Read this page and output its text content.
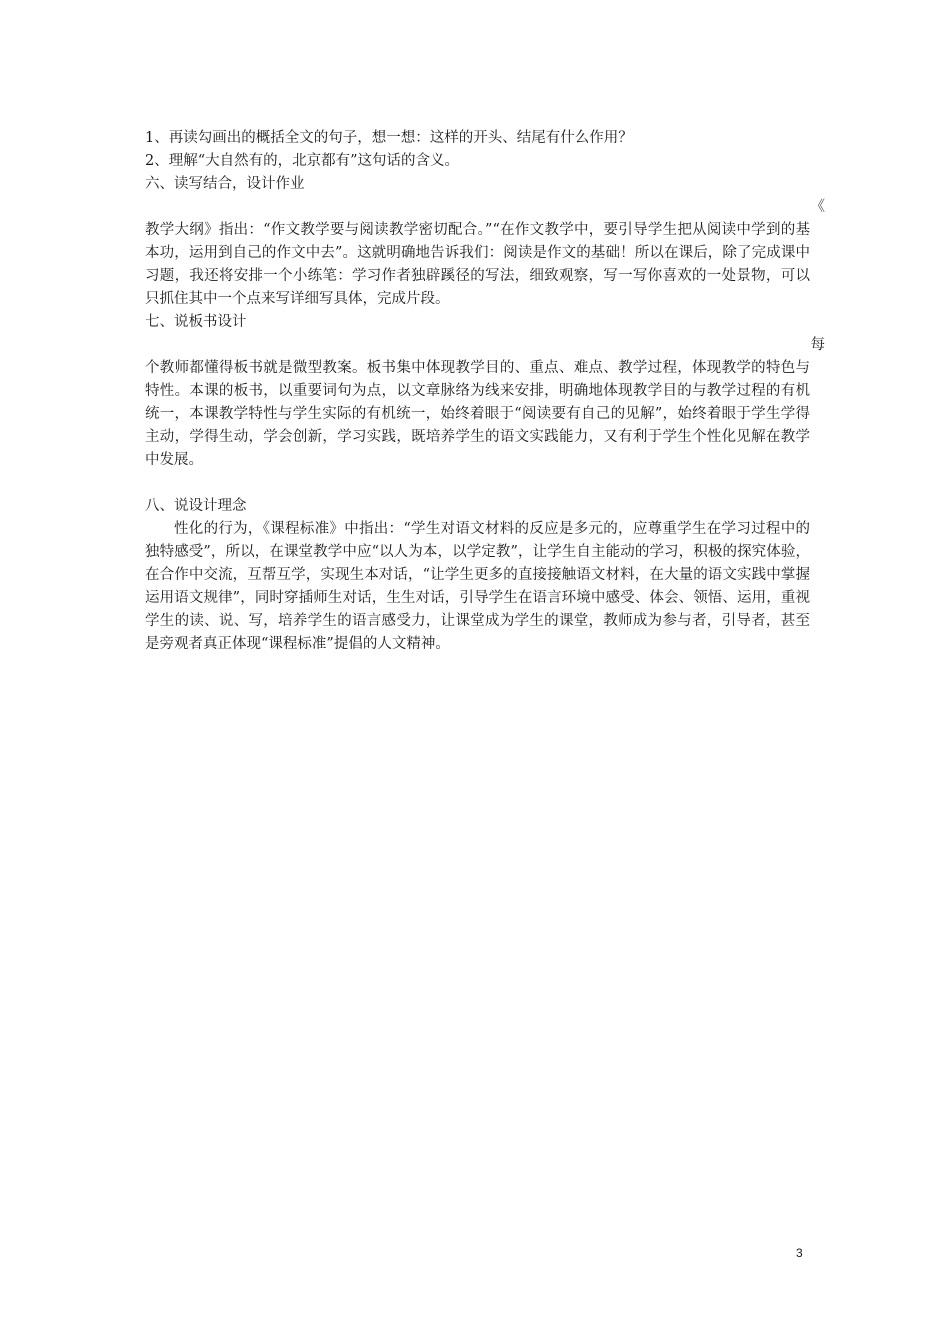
1、再读勾画出的概括全文的句子，想一想：这样的开头、结尾有什么作用？

2、理解“大自然有的，北京都有”这句话的含义。

六、读写结合，设计作业

《

教学大纲》指出：“作文教学要与阅读教学密切配合。”“在作文教学中，要引导学生把从阅读中学到的基本功，运用到自己的作文中去”。这就明确地告诉我们：阅读是作文的基础！所以在课后，除了完成课中习题，我还将安排一个小练笔：学习作者独辟蹊径的写法，细致观察，写一写你喜欢的一处景物，可以只抓住其中一个点来写详细写具体，完成片段。

七、说板书设计

每

个教师都懂得板书就是微型教案。板书集中体现教学目的、重点、难点、教学过程，体现教学的特色与特性。本课的板书，以重要词句为点，以文章脉络为线来安排，明确地体现教学目的与教学过程的有机统一，本课教学特性与学生实际的有机统一，始终着眼于“阅读要有自己的见解”，始终着眼于学生学得主动，学得生动，学会创新，学习实践，既培养学生的语文实践能力，又有利于学生个性化见解在教学中发展。

八、说设计理念

性化的行为，《课程标准》中指出：“学生对语文材料的反应是多元的，应尊重学生在学习过程中的独特感受”，所以，在课堂教学中应“以人为本，以学定教”，让学生自主能动的学习，积极的探究体验，在合作中交流，互帮互学，实现生本对话，“让学生更多的直接接触语文材料，在大量的语文实践中掌握运用语文规律”，同时穿插师生对话，生生对话，引导学生在语言环境中感受、体会、领悟、运用，重视学生的读、说、写，培养学生的语言感受力，让课堂成为学生的课堂，教师成为参与者，引导者，甚至是旁观者真正体现“课程标准”提倡的人文精神。

3
